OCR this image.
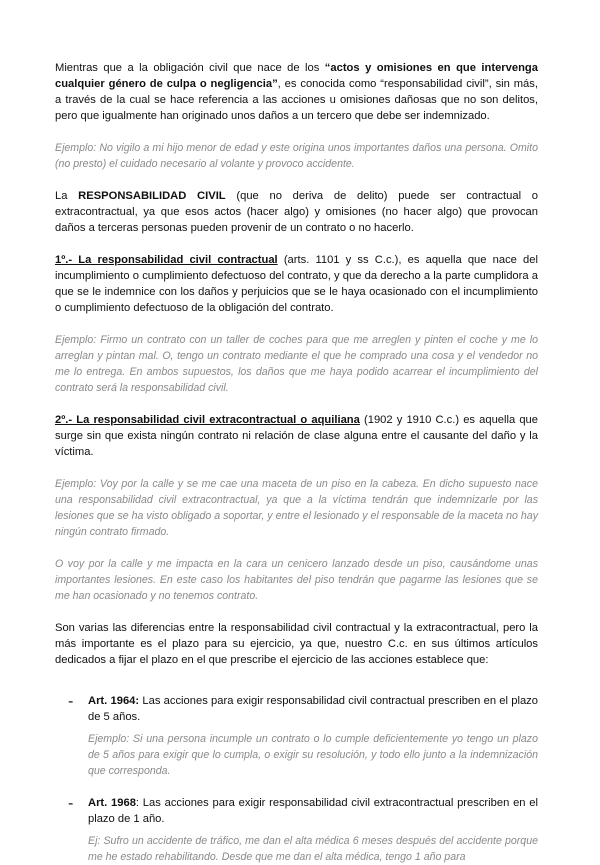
Mientras que a la obligación civil que nace de los “actos y omisiones en que intervenga cualquier género de culpa o negligencia”, es conocida como “responsabilidad civil”, sin más, a través de la cual se hace referencia a las acciones u omisiones dañosas que no son delitos, pero que igualmente han originado unos daños a un tercero que debe ser indemnizado.

Ejemplo: No vigilo a mi hijo menor de edad y este origina unos importantes daños una persona. Omito (no presto) el cuidado necesario al volante y provoco accidente.

La RESPONSABILIDAD CIVIL (que no deriva de delito) puede ser contractual o extracontractual, ya que esos actos (hacer algo) y omisiones (no hacer algo) que provocan daños a terceras personas pueden provenir de un contrato o no hacerlo.

1º.- La responsabilidad civil contractual (arts. 1101 y ss C.c.), es aquella que nace del incumplimiento o cumplimiento defectuoso del contrato, y que da derecho a la parte cumplidora a que se le indemnice con los daños y perjuicios que se le haya ocasionado con el incumplimiento o cumplimiento defectuoso de la obligación del contrato.

Ejemplo: Firmo un contrato con un taller de coches para que me arreglen y pinten el coche y me lo arreglan y pintan mal. O, tengo un contrato mediante el que he comprado una cosa y el vendedor no me lo entrega. En ambos supuestos, los daños que me haya podido acarrear el incumplimiento del contrato será la responsabilidad civil.

2º.- La responsabilidad civil extracontractual o aquiliana (1902 y 1910 C.c.) es aquella que surge sin que exista ningún contrato ni relación de clase alguna entre el causante del daño y la víctima.

Ejemplo: Voy por la calle y se me cae una maceta de un piso en la cabeza. En dicho supuesto nace una responsabilidad civil extracontractual, ya que a la víctima tendrán que indemnizarle por las lesiones que se ha visto obligado a soportar, y entre el lesionado y el responsable de la maceta no hay ningún contrato firmado.

O voy por la calle y me impacta en la cara un cenicero lanzado desde un piso, causándome unas importantes lesiones. En este caso los habitantes del piso tendrán que pagarme las lesiones que se me han ocasionado y no tenemos contrato.

Son varias las diferencias entre la responsabilidad civil contractual y la extracontractual, pero la más importante es el plazo para su ejercicio, ya que, nuestro C.c. en sus últimos artículos dedicados a fijar el plazo en el que prescribe el ejercicio de las acciones establece que:

- Art. 1964: Las acciones para exigir responsabilidad civil contractual prescriben en el plazo de 5 años.

Ejemplo: Si una persona incumple un contrato o lo cumple deficientemente yo tengo un plazo de 5 años para exigir que lo cumpla, o exigir su resolución, y todo ello junto a la indemnización que corresponda.

- Art. 1968: Las acciones para exigir responsabilidad civil extracontractual prescriben en el plazo de 1 año.

Ej: Sufro un accidente de tráfico, me dan el alta médica 6 meses después del accidente porque me he estado rehabilitando. Desde que me dan el alta médica, tengo 1 año para
